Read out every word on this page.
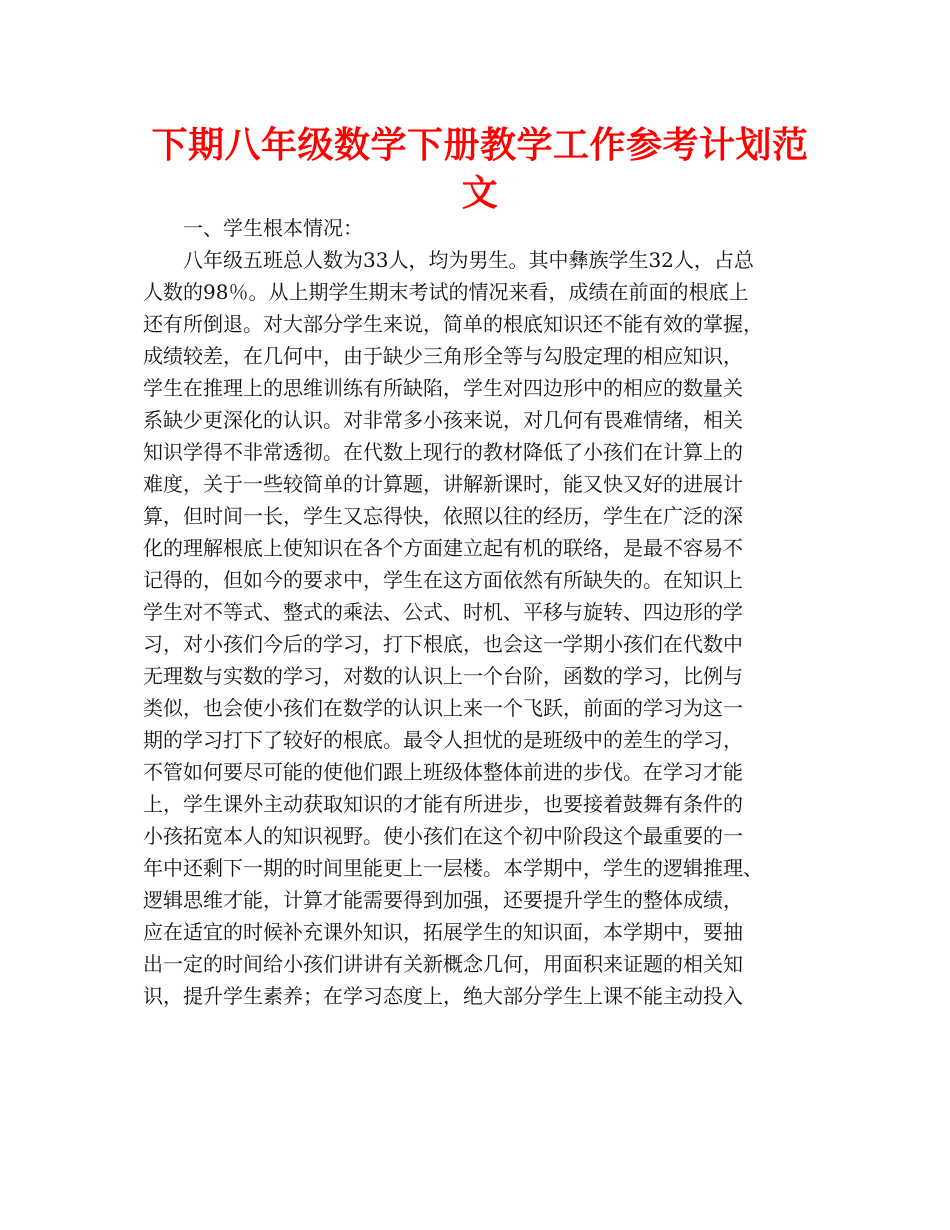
下期八年级数学下册教学工作参考计划范
文
一、学生根本情况：
八年级五班总人数为33人，均为男生。其中彝族学生32人，占总
人数的98％。从上期学生期末考试的情况来看，成绩在前面的根底上
还有所倒退。对大部分学生来说，简单的根底知识还不能有效的掌握，
成绩较差，在几何中，由于缺少三角形全等与勾股定理的相应知识，
学生在推理上的思维训练有所缺陷，学生对四边形中的相应的数量关
系缺少更深化的认识。对非常多小孩来说，对几何有畏难情绪，相关
知识学得不非常透彻。在代数上现行的教材降低了小孩们在计算上的
难度，关于一些较简单的计算题，讲解新课时，能又快又好的进展计
算，但时间一长，学生又忘得快，依照以往的经历，学生在广泛的深
化的理解根底上使知识在各个方面建立起有机的联络，是最不容易不
记得的，但如今的要求中，学生在这方面依然有所缺失的。在知识上
学生对不等式、整式的乘法、公式、时机、平移与旋转、四边形的学
习，对小孩们今后的学习，打下根底，也会这一学期小孩们在代数中
无理数与实数的学习，对数的认识上一个台阶，函数的学习，比例与
类似，也会使小孩们在数学的认识上来一个飞跃，前面的学习为这一
期的学习打下了较好的根底。最令人担忧的是班级中的差生的学习，
不管如何要尽可能的使他们跟上班级体整体前进的步伐。在学习才能
上，学生课外主动获取知识的才能有所进步，也要接着鼓舞有条件的
小孩拓宽本人的知识视野。使小孩们在这个初中阶段这个最重要的一
年中还剩下一期的时间里能更上一层楼。本学期中，学生的逻辑推理、
逻辑思维才能，计算才能需要得到加强，还要提升学生的整体成绩，
应在适宜的时候补充课外知识，拓展学生的知识面，本学期中，要抽
出一定的时间给小孩们讲讲有关新概念几何，用面积来证题的相关知
识，提升学生素养；在学习态度上，绝大部分学生上课不能主动投入
